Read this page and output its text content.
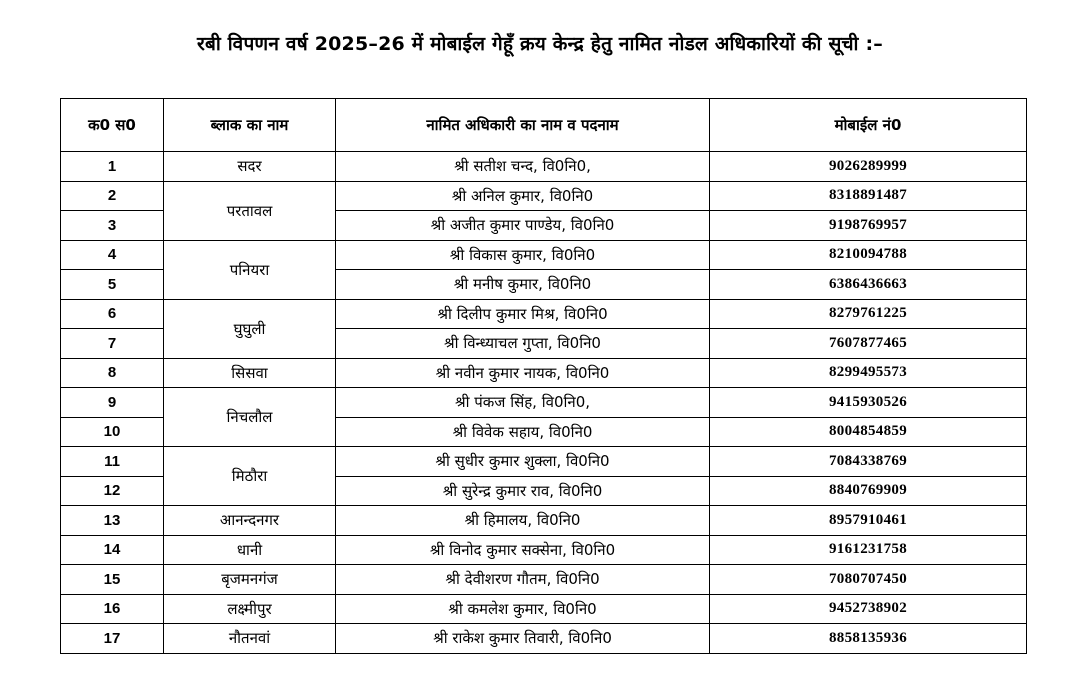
रबी विपणन वर्ष 2025–26 में मोबाईल गेहूँ क्रय केन्द्र हेतु नामित नोडल अधिकारियों की सूची :–
क0 स0	ब्लाक का नाम	नामित अधिकारी का नाम व पदनाम	मोबाईल नं0
1	सदर	श्री सतीश चन्द, वि0नि0,	9026289999
2	परतावल	श्री अनिल कुमार, वि0नि0	8318891487
3		श्री अजीत कुमार पाण्डेय, वि0नि0	9198769957
4	पनियरा	श्री विकास कुमार, वि0नि0	8210094788
5		श्री मनीष कुमार, वि0नि0	6386436663
6	घुघुली	श्री दिलीप कुमार मिश्र, वि0नि0	8279761225
7		श्री विन्ध्याचल गुप्ता, वि0नि0	7607877465
8	सिसवा	श्री नवीन कुमार नायक, वि0नि0	8299495573
9	निचलौल	श्री पंकज सिंह, वि0नि0,	9415930526
10		श्री विवेक सहाय, वि0नि0	8004854859
11	मिठौरा	श्री सुधीर कुमार शुक्ला, वि0नि0	7084338769
12		श्री सुरेन्द्र कुमार राव, वि0नि0	8840769909
13	आनन्दनगर	श्री हिमालय, वि0नि0	8957910461
14	धानी	श्री विनोद कुमार सक्सेना, वि0नि0	9161231758
15	बृजमनगंज	श्री देवीशरण गौतम, वि0नि0	7080707450
16	लक्ष्मीपुर	श्री कमलेश कुमार, वि0नि0	9452738902
17	नौतनवां	श्री राकेश कुमार तिवारी, वि0नि0	8858135936
